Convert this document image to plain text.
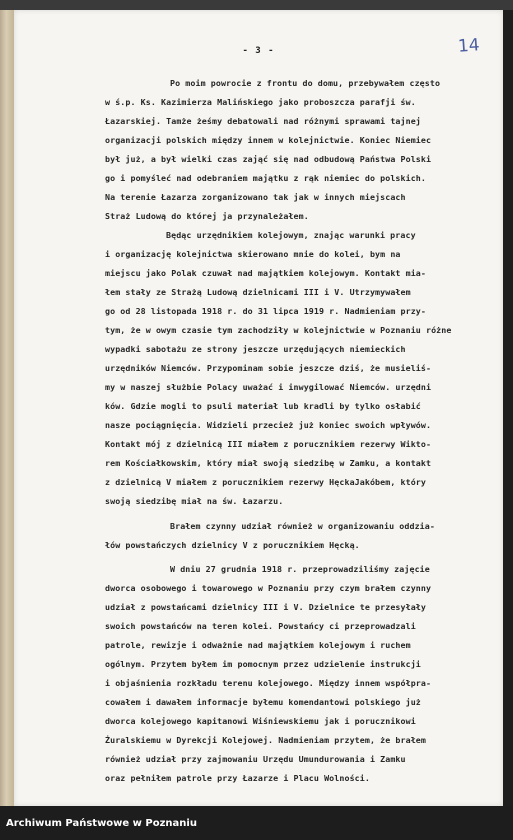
- 3 -	14
Po moim powrocie z frontu do domu, przebywałem często
w ś.p. Ks. Kazimierza Malińskiego jako proboszcza parafji św.
Łazarskiej. Tamże żeśmy debatowali nad różnymi sprawami tajnej
organizacji polskich między innem w kolejnictwie. Koniec Niemiec
był już, a był wielki czas zająć się nad odbudową Państwa Polski
go i pomyśleć nad odebraniem majątku z rąk niemiec do polskich.
Na terenie Łazarza zorganizowano tak jak w innych miejscach
Straż Ludową do której ja przynależałem.
Będąc urzędnikiem kolejowym, znając warunki pracy
i organizację kolejnictwa skierowano mnie do kolei, bym na
miejscu jako Polak czuwał nad majątkiem kolejowym. Kontakt mia-
łem stały ze Strażą Ludową dzielnicami III i V. Utrzymywałem
go od 28 listopada 1918 r. do 31 lipca 1919 r. Nadmieniam przy-
tym, że w owym czasie tym zachodziły w kolejnictwie w Poznaniu różne
wypadki sabotażu ze strony jeszcze urzędujących niemieckich
urzędników Niemców. Przypominam sobie jeszcze dziś, że musieliś-
my w naszej służbie Polacy uważać i inwygilować Niemców. urzędni
ków. Gdzie mogli to psuli materiał lub kradli by tylko osłabić
nasze pociągnięcia. Widzieli przecież już koniec swoich wpływów.
Kontakt mój z dzielnicą III miałem z porucznikiem rezerwy Wikto-
rem Kościałkowskim, który miał swoją siedzibę w Zamku, a kontakt
z dzielnicą V miałem z porucznikiem rezerwy HęckaJakóbem, który
swoją siedzibę miał na św. Łazarzu.
Brałem czynny udział również w organizowaniu oddzia-
łów powstańczych dzielnicy V z porucznikiem Hęcką.
W dniu 27 grudnia 1918 r. przeprowadziliśmy zajęcie
dworca osobowego i towarowego w Poznaniu przy czym brałem czynny
udział z powstańcami dzielnicy III i V. Dzielnice te przesyłały
swoich powstańców na teren kolei. Powstańcy ci przeprowadzali
patrole, rewizje i odważnie nad majątkiem kolejowym i ruchem
ogólnym. Przytem byłem im pomocnym przez udzielenie instrukcji
i objaśnienia rozkładu terenu kolejowego. Między innem współpra-
cowałem i dawałem informacje byłemu komendantowi polskiego już
dworca kolejowego kapitanowi Wiśniewskiemu jak i porucznikowi
Żuralskiemu w Dyrekcji Kolejowej. Nadmieniam przytem, że brałem
również udział przy zajmowaniu Urzędu Umundurowania i Zamku
oraz pełniłem patrole przy Łazarze i Placu Wolności.
Archiwum Państwowe w Poznaniu
